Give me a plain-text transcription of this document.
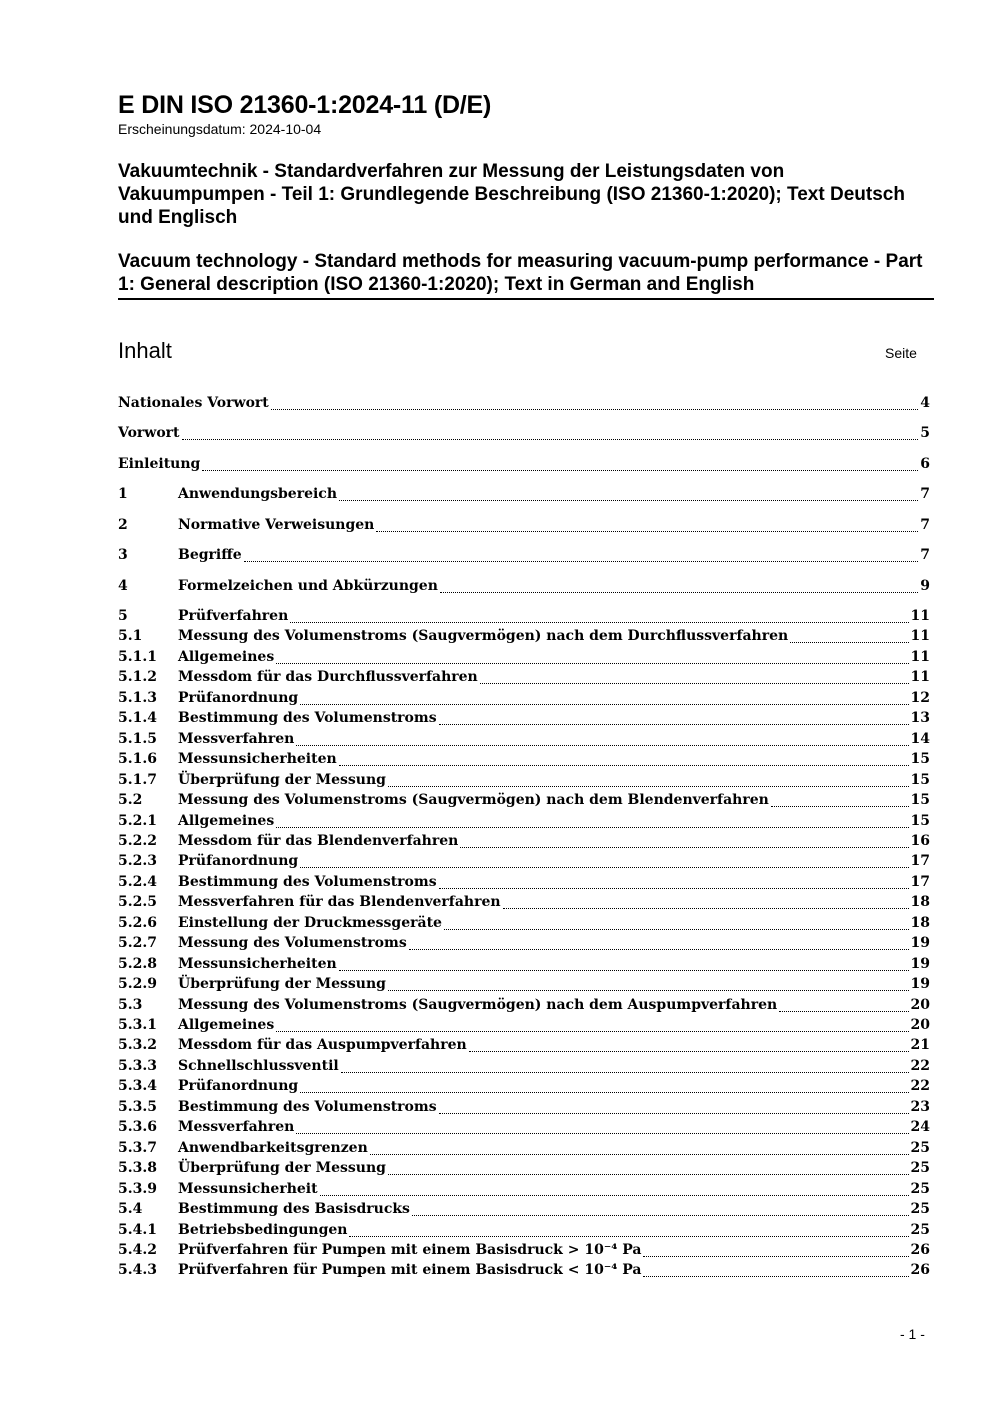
E DIN ISO 21360-1:2024-11 (D/E)
Erscheinungsdatum: 2024-10-04
Vakuumtechnik - Standardverfahren zur Messung der Leistungsdaten von Vakuumpumpen - Teil 1: Grundlegende Beschreibung (ISO 21360-1:2020); Text Deutsch und Englisch
Vacuum technology - Standard methods for measuring vacuum-pump performance - Part 1: General description (ISO 21360-1:2020); Text in German and English
Inhalt	Seite
Nationales Vorwort	4
Vorwort	5
Einleitung	6
1	Anwendungsbereich	7
2	Normative Verweisungen	7
3	Begriffe	7
4	Formelzeichen und Abkürzungen	9
5	Prüfverfahren	11
5.1	Messung des Volumenstroms (Saugvermögen) nach dem Durchflussverfahren	11
5.1.1	Allgemeines	11
5.1.2	Messdom für das Durchflussverfahren	11
5.1.3	Prüfanordnung	12
5.1.4	Bestimmung des Volumenstroms	13
5.1.5	Messverfahren	14
5.1.6	Messunsicherheiten	15
5.1.7	Überprüfung der Messung	15
5.2	Messung des Volumenstroms (Saugvermögen) nach dem Blendenverfahren	15
5.2.1	Allgemeines	15
5.2.2	Messdom für das Blendenverfahren	16
5.2.3	Prüfanordnung	17
5.2.4	Bestimmung des Volumenstroms	17
5.2.5	Messverfahren für das Blendenverfahren	18
5.2.6	Einstellung der Druckmessgeräte	18
5.2.7	Messung des Volumenstroms	19
5.2.8	Messunsicherheiten	19
5.2.9	Überprüfung der Messung	19
5.3	Messung des Volumenstroms (Saugvermögen) nach dem Auspumpverfahren	20
5.3.1	Allgemeines	20
5.3.2	Messdom für das Auspumpverfahren	21
5.3.3	Schnellschlussventil	22
5.3.4	Prüfanordnung	22
5.3.5	Bestimmung des Volumenstroms	23
5.3.6	Messverfahren	24
5.3.7	Anwendbarkeitsgrenzen	25
5.3.8	Überprüfung der Messung	25
5.3.9	Messunsicherheit	25
5.4	Bestimmung des Basisdrucks	25
5.4.1	Betriebsbedingungen	25
5.4.2	Prüfverfahren für Pumpen mit einem Basisdruck > 10⁻⁴ Pa	26
5.4.3	Prüfverfahren für Pumpen mit einem Basisdruck < 10⁻⁴ Pa	26
- 1 -
